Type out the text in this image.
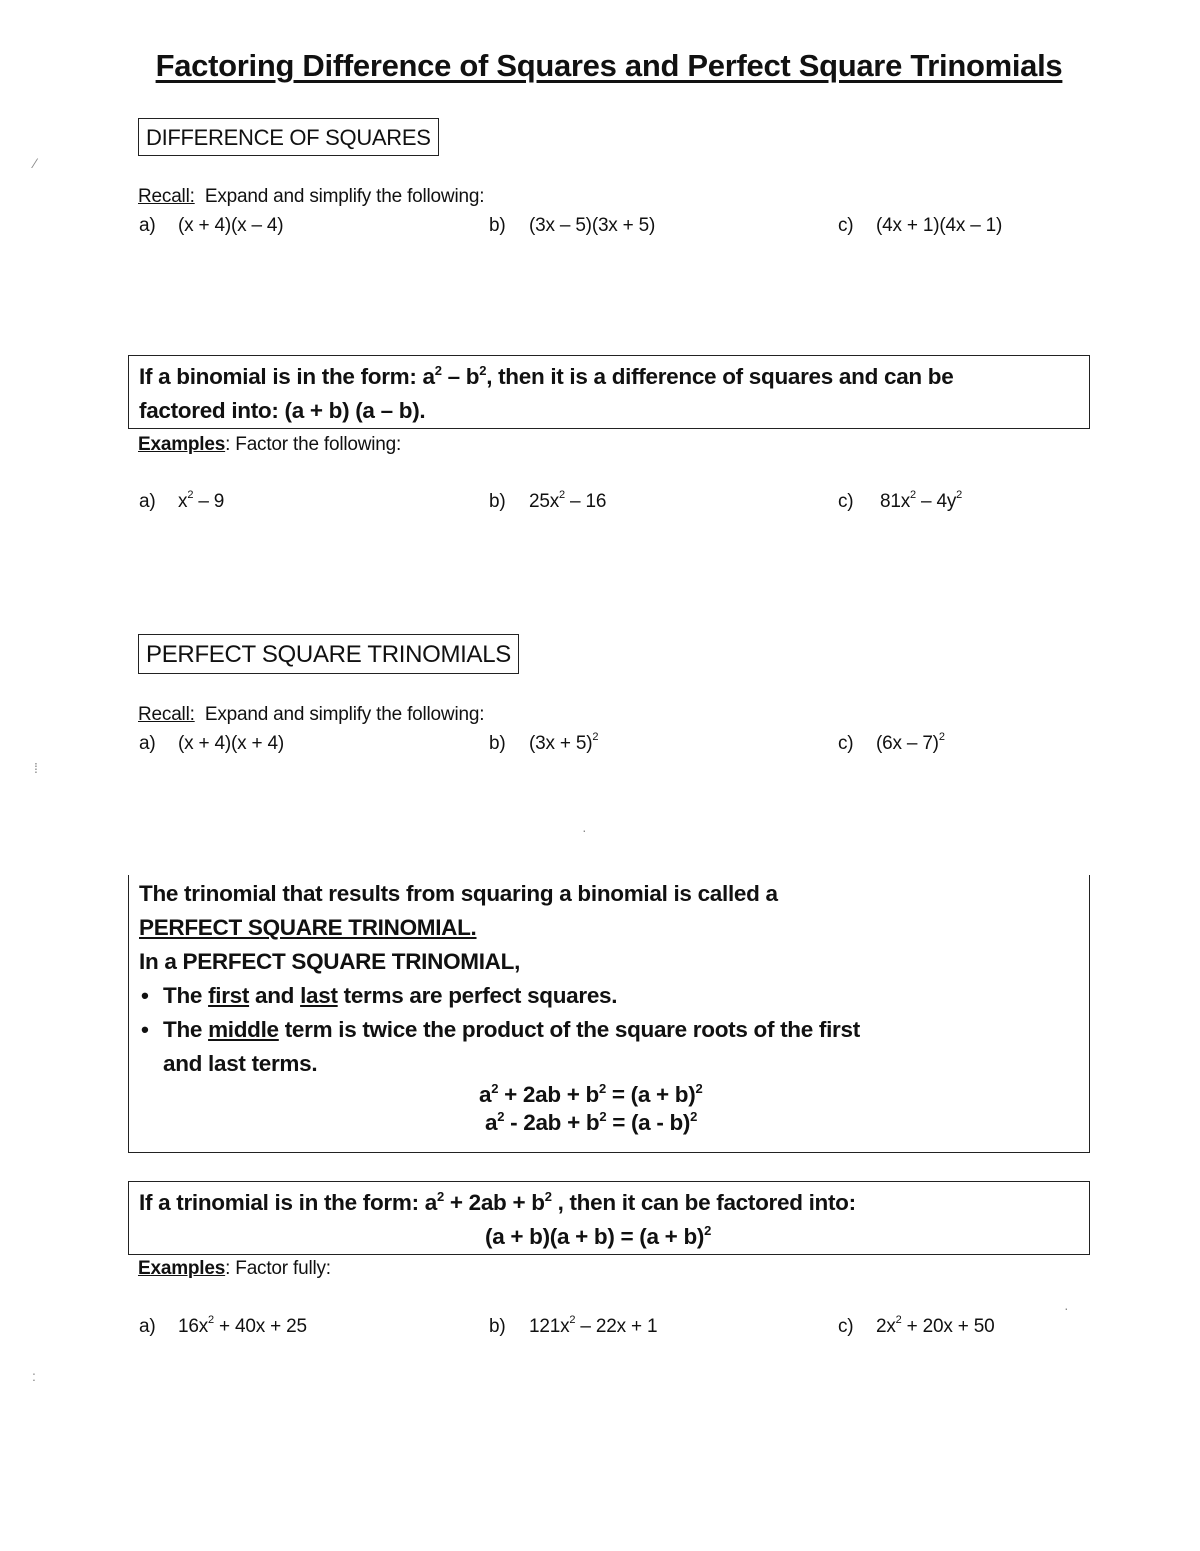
Factoring Difference of Squares and Perfect Square Trinomials
DIFFERENCE OF SQUARES
Recall: Expand and simplify the following:
a) (x + 4)(x – 4)	b) (3x – 5)(3x + 5)	c) (4x + 1)(4x – 1)
If a binomial is in the form: $a^2 - b^2$, then it is a difference of squares and can be
factored into: (a + b) (a – b).
Examples: Factor the following:
a) $x^2 - 9$	b) $25x^2 - 16$	c) $81x^2 - 4y^2$
PERFECT SQUARE TRINOMIALS
Recall: Expand and simplify the following:
a) (x + 4)(x + 4)	b) $(3x + 5)^2$	c) (6x – 7)$^2$
The trinomial that results from squaring a binomial is called a
PERFECT SQUARE TRINOMIAL.
In a PERFECT SQUARE TRINOMIAL,
• The first and last terms are perfect squares.
• The middle term is twice the product of the square roots of the first
and last terms.
$a^2 + 2ab + b^2 = (a + b)^2$
$a^2 - 2ab + b^2 = (a - b)^2$
If a trinomial is in the form: $a^2 + 2ab + b^2$ , then it can be factored into:
$(a + b)(a + b) = (a + b)^2$
Examples: Factor fully:
a) $16x^2 + 40x + 25$	b) $121x^2 - 22x + 1$	c) $2x^2 + 20x + 50$
⁄
⁞
:
·
·
